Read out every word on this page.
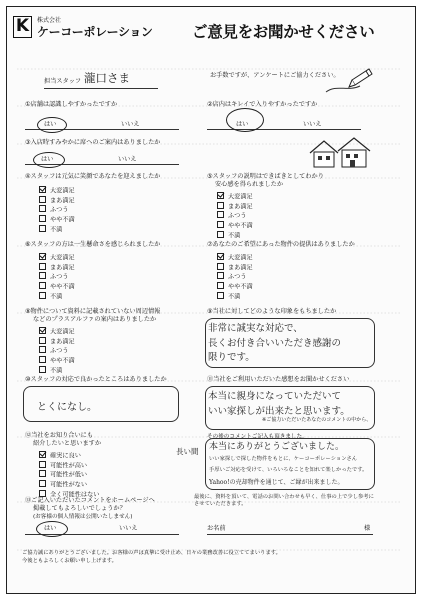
K	株式会社
ケーコーポレーション	ご意見をお聞かせください
担当スタッフ 瀧口さま	お手数ですが、アンケートにご協力ください。
①店舗は認識しやすかったですか
はい	いいえ
②店内はキレイで入りやすかったですか
はい	いいえ
③入店時すみやかに席へのご案内はありましたか
はい	いいえ
④スタッフは元気に笑顔であなたを迎えましたか
大変満足
まあ満足
ふつう
やや不満
不満
⑤スタッフの説明はできばきとしてわかり
安心感を得られましたか
大変満足
まあ満足
ふつう
やや不満
不満
⑥スタッフの方は一生懸命さを感じられましたか
大変満足
まあ満足
ふつう
やや不満
不満
⑦あなたのご希望にあった物件の提供はありましたか
大変満足
まあ満足
ふつう
やや不満
不満
⑧物件について資料に記載されていない周辺情報
などのプラスアルファの案内はありましたか
大変満足
まあ満足
ふつう
やや不満
不満
⑨当社に対してどのような印象をもちましたか
非常に誠実な対応で、
長くお付き合いいただき感謝の
限りです。
⑩スタッフの対応で良かったところはありましたか
とくになし。
⑪当社をご利用いただいた感想をお聞かせください
本当に親身になっていただいて
いい家探しが出来たと思います。
※ご協力いただいたあなたのコメントの中から、
その後のコメントご記入も頂きました。
⑫当社をお知り合いにも
紹介したいと思いますか
長い間
確実に良い
可能性が高い
可能性が低い
可能性がない
全く可能性はない
本当にありがとうございました。
いい家探しで探した物件をもとに、ケーコーポレーションさん
手厚いご対応を受けて、いろいろなことを知れて楽しかったです。
Yahoo!の売却物件を通じて、ご縁が出来ました。
⑬ご記入いただいたコメントをホームページへ
掲載してもよろしいでしょうか？
(お客様の個人情報は公開いたしません)
はい	いいえ
最後に、資料を頂いて、電話のお問い合わせも早く、仕事の上で少し参考にさせていただきます。
お名前	様
ご協力誠にありがとうございました。お客様の声は真摯に受け止め、日々の業務改善に役立ててまいります。
今後ともよろしくお願い申し上げます。
